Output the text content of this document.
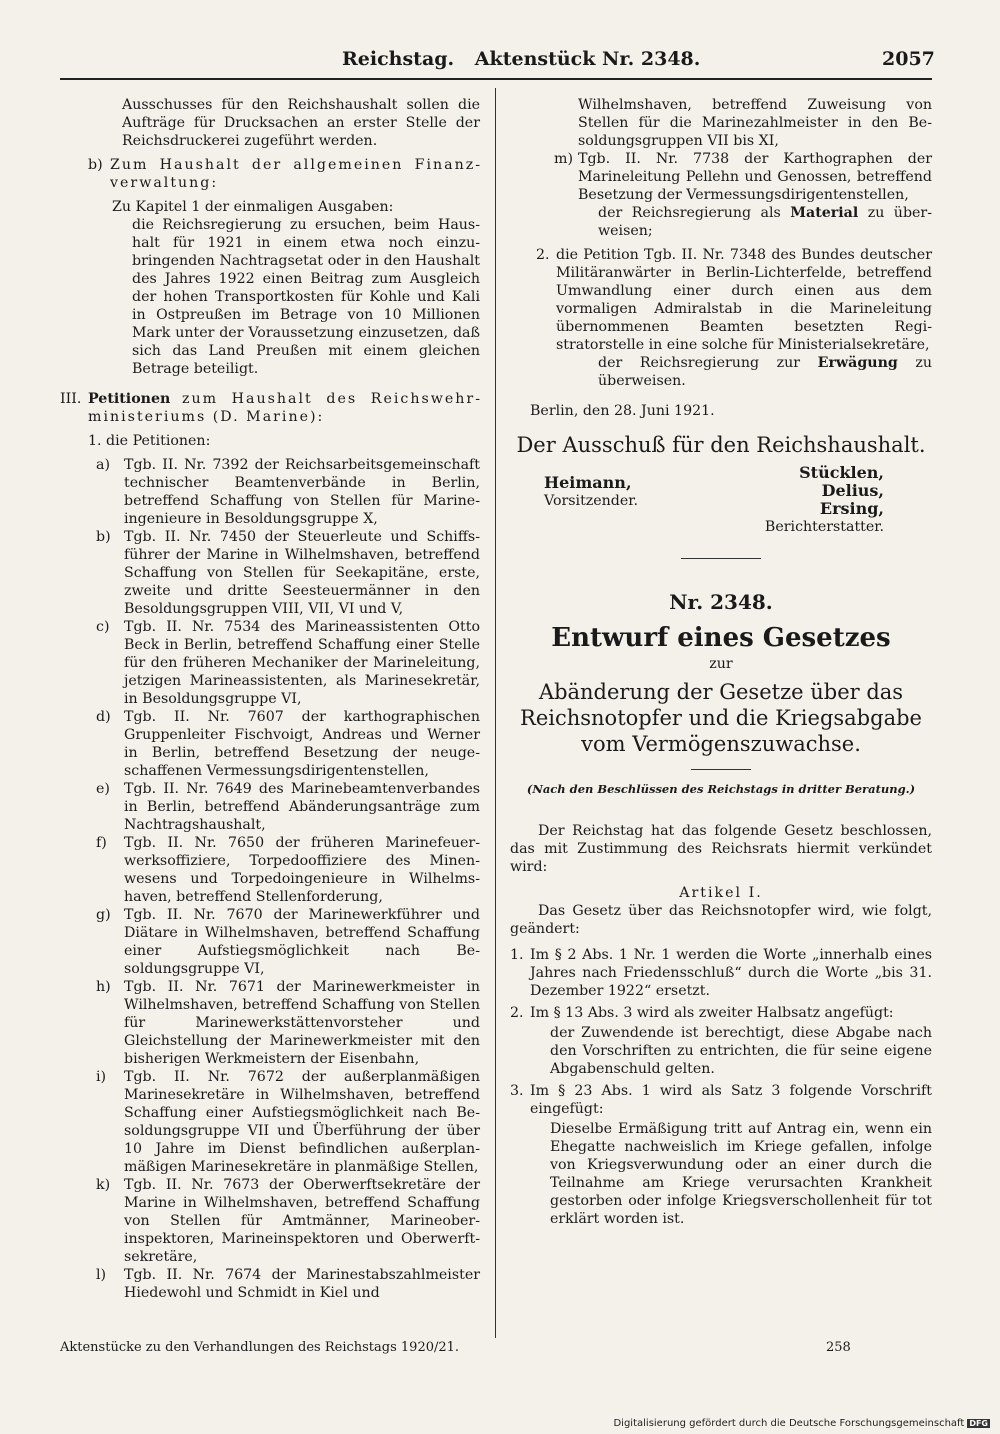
Reichstag. Aktenstück Nr. 2348.	2057

Ausschusses für den Reichshaushalt sollen die Aufträge für Drucksachen an erster Stelle der Reichsdruckerei zugeführt werden.

b) Zum Haushalt der allgemeinen Finanzverwaltung:

Zu Kapitel 1 der einmaligen Ausgaben:

die Reichsregierung zu ersuchen, beim Haushalt für 1921 in einem etwa noch einzubringenden Nachtragsetat oder in den Haushalt des Jahres 1922 einen Beitrag zum Ausgleich der hohen Transportkosten für Kohle und Kali in Ostpreußen im Betrage von 10 Millionen Mark unter der Voraussetzung einzusetzen, daß sich das Land Preußen mit einem gleichen Betrage beteiligt.

III. Petitionen zum Haushalt des Reichswehrministeriums (D. Marine):

1. die Petitionen:

a) Tgb. II. Nr. 7392 der Reichsarbeitsgemeinschaft technischer Beamtenverbände in Berlin, betreffend Schaffung von Stellen für Marineingenieure in Besoldungsgruppe X,
b) Tgb. II. Nr. 7450 der Steuerleute und Schiffsführer der Marine in Wilhelmshaven, betreffend Schaffung von Stellen für Seekapitäne, erste, zweite und dritte Seesteuermänner in den Besoldungsgruppen VIII, VII, VI und V,
c)	Tgb. II. Nr. 7534 des Marineassistenten Otto Beck in Berlin, betreffend Schaffung einer Stelle für den früheren Mechaniker der Marineleitung, jetzigen Marineassistenten, als Marinesekretär, in Besoldungsgruppe VI,
d) Tgb. II. Nr. 7607 der karthographischen Gruppenleiter Fischvoigt, Andreas und Werner in Berlin, betreffend Besetzung der neugeschaffenen Vermessungsdirigentenstellen,
e) Tgb. II. Nr. 7649 des Marinebeamtenverbandes in Berlin, betreffend Abänderungsanträge zum Nachtragshaushalt,
f)	Tgb. II. Nr. 7650 der früheren Marinefeuerwerksoffiziere, Torpedooffiziere des Minenwesens und Torpedoingenieure in Wilhelmshaven, betreffend Stellenforderung,
g) Tgb. II. Nr. 7670 der Marinewerkführer und Diätare in Wilhelmshaven, betreffend Schaffung einer Aufstiegsmöglichkeit nach Besoldungsgruppe VI,
h) Tgb. II. Nr. 7671 der Marinewerkmeister in Wilhelmshaven, betreffend Schaffung von Stellen für Marinewerkstättenvorsteher und Gleichstellung der Marinewerkmeister mit den bisherigen Werkmeistern der Eisenbahn,
i)	Tgb. II. Nr. 7672 der außerplanmäßigen Marinesekretäre in Wilhelmshaven, betreffend Schaffung einer Aufstiegsmöglichkeit nach Besoldungsgruppe VII und Überführung der über 10 Jahre im Dienst befindlichen außerplanmäßigen Marinesekretäre in planmäßige Stellen,
k) Tgb. II. Nr. 7673 der Oberwerftsekretäre der Marine in Wilhelmshaven, betreffend Schaffung von Stellen für Amtmänner, Marineoberinspektoren, Marineinspektoren und Oberwerftsekretäre,
l)	Tgb. II. Nr. 7674 der Marinestabszahlmeister Hiedewohl und Schmidt in Kiel und

Wilhelmshaven, betreffend Zuweisung von Stellen für die Marinezahlmeister in den Besoldungsgruppen VII bis XI,

m) Tgb. II. Nr. 7738 der Karthographen der Marineleitung Pellehn und Genossen, betreffend Besetzung der Vermessungsdirigentenstellen,

der Reichsregierung als Material zu überweisen;

2. die Petition Tgb. II. Nr. 7348 des Bundes deutscher Militäranwärter in Berlin-Lichterfelde, betreffend Umwandlung einer durch einen aus dem vormaligen Admiralstab in die Marineleitung übernommenen Beamten besetzten Registratorstelle in eine solche für Ministerialsekretäre,

der Reichsregierung zur Erwägung zu überweisen.

Berlin, den 28. Juni 1921.

Der Ausschuß für den Reichshaushalt.

Heimann,

Vorsitzender.

Stücklen,

Delius,

Ersing,

Berichterstatter.

Nr. 2348.

Entwurf eines Gesetzes

zur

Abänderung der Gesetze über das Reichsnotopfer und die Kriegsabgabe vom Vermögenszuwachse.

(Nach den Beschlüssen des Reichstags in dritter Beratung.)

Der Reichstag hat das folgende Gesetz beschlossen, das mit Zustimmung des Reichsrats hiermit verkündet wird:

Artikel I.

Das Gesetz über das Reichsnotopfer wird, wie folgt, geändert:

1. Im § 2 Abs. 1 Nr. 1 werden die Worte „innerhalb eines Jahres nach Friedensschluß“ durch die Worte „bis 31. Dezember 1922“ ersetzt.
2. Im § 13 Abs. 3 wird als zweiter Halbsatz angefügt:

der Zuwendende ist berechtigt, diese Abgabe nach den Vorschriften zu entrichten, die für seine eigene Abgabenschuld gelten.

3. Im § 23 Abs. 1 wird als Satz 3 folgende Vorschrift eingefügt:

Dieselbe Ermäßigung tritt auf Antrag ein, wenn ein Ehegatte nachweislich im Kriege gefallen, infolge von Kriegsverwundung oder an einer durch die Teilnahme am Kriege verursachten Krankheit gestorben oder infolge Kriegsverschollenheit für tot erklärt worden ist.

Aktenstücke zu den Verhandlungen des Reichstags 1920/21.	258
Digitalisierung gefördert durch die Deutsche Forschungsgemeinschaft DFG
